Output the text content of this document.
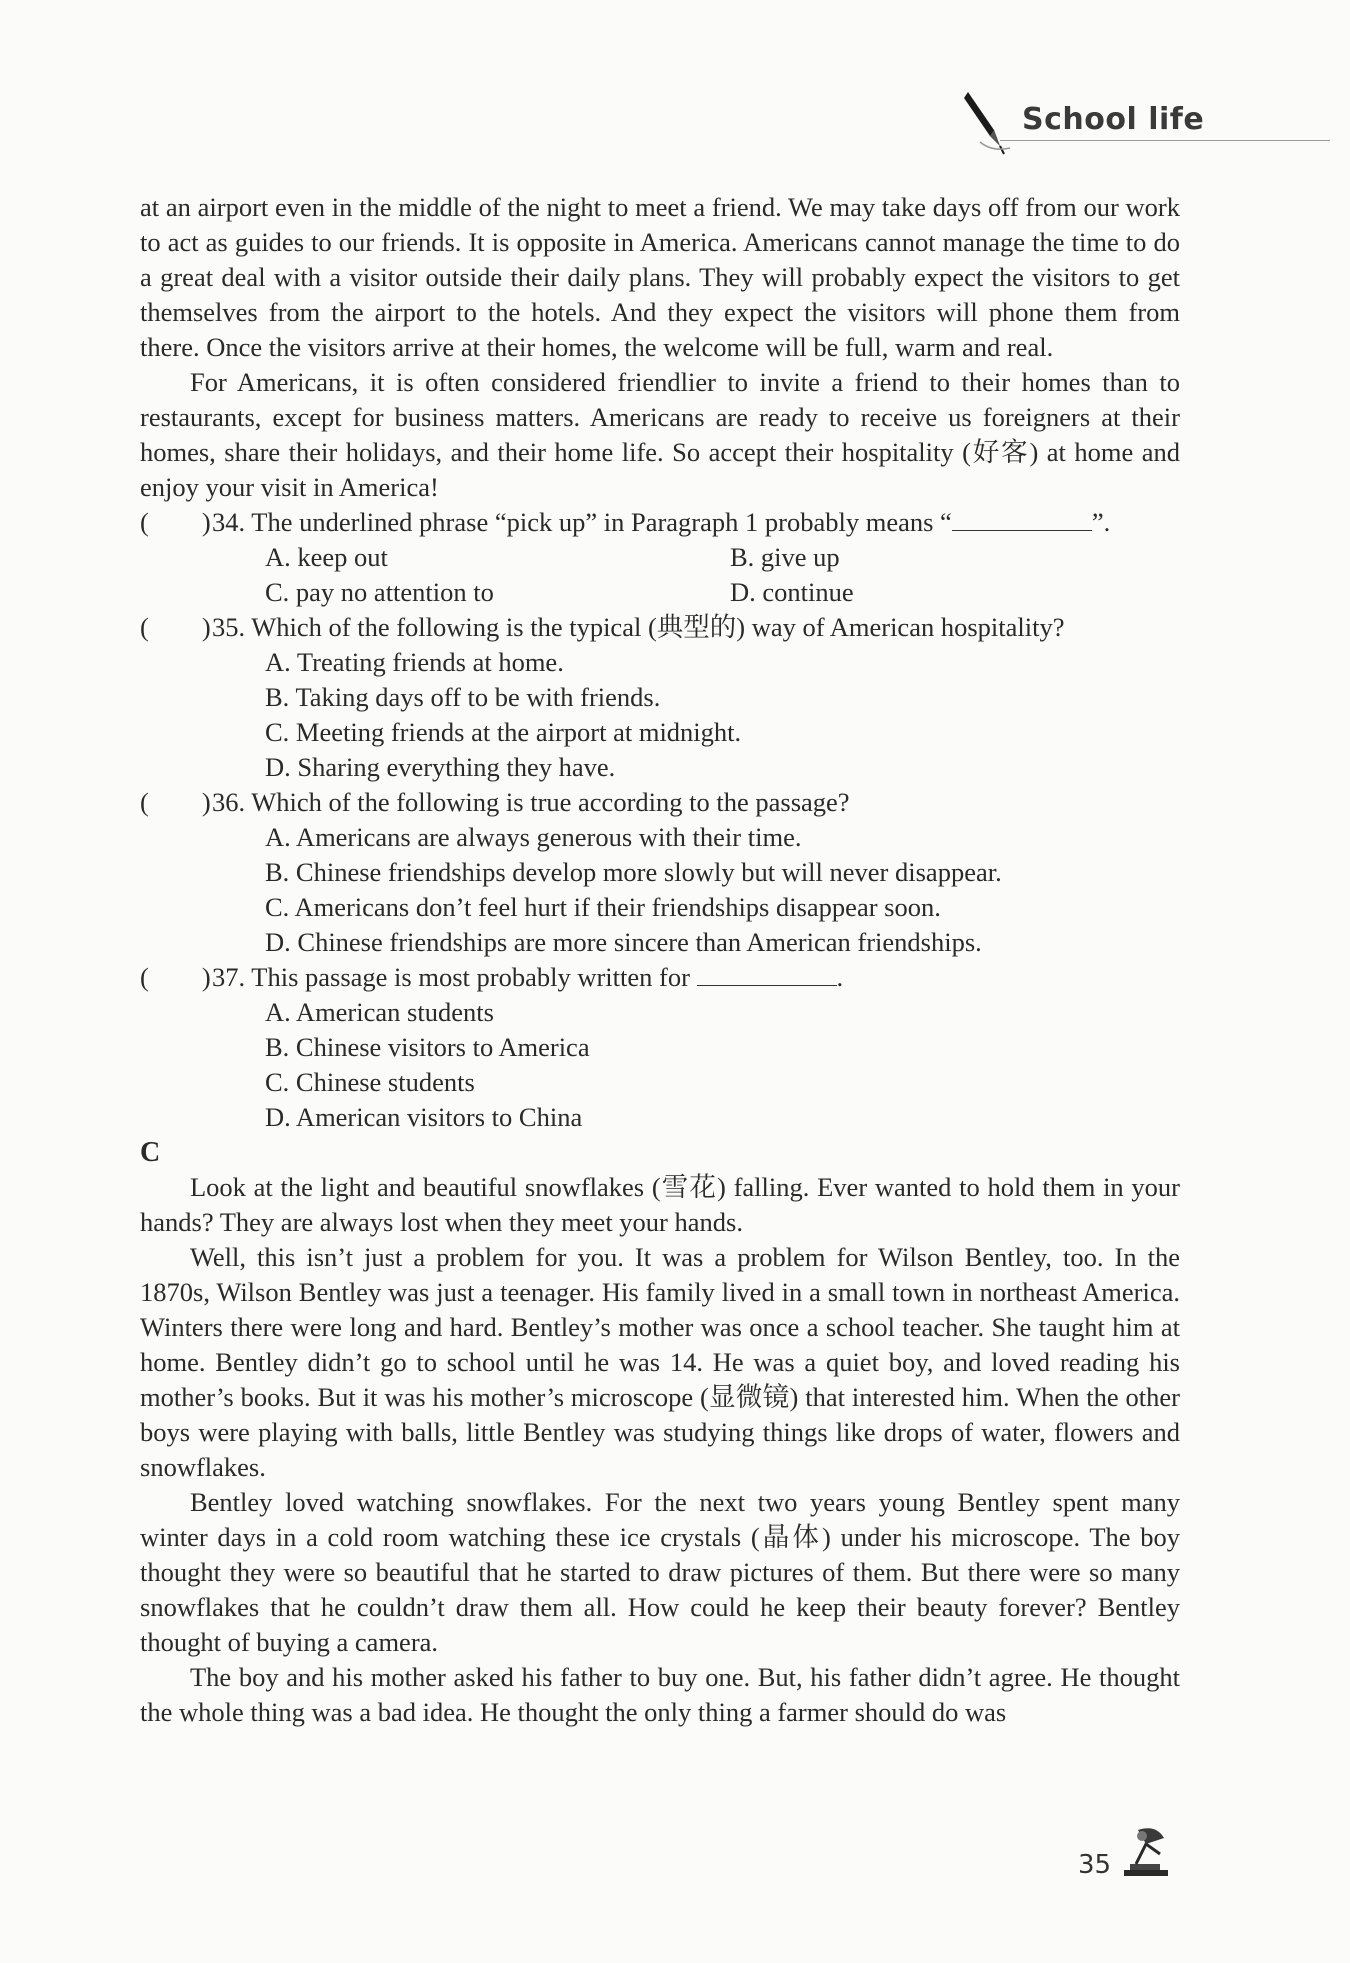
School life

at an airport even in the middle of the night to meet a friend. We may take days off from our work to act as guides to our friends. It is opposite in America. Americans cannot manage the time to do a great deal with a visitor outside their daily plans. They will probably expect the visitors to get themselves from the airport to the hotels. And they expect the visitors will phone them from there. Once the visitors arrive at their homes, the welcome will be full, warm and real.

For Americans, it is often considered friendlier to invite a friend to their homes than to restaurants, except for business matters. Americans are ready to receive us foreigners at their homes, share their holidays, and their home life. So accept their hospitality (好客) at home and enjoy your visit in America!

(        ) 34. The underlined phrase “pick up” in Paragraph 1 probably means “	”.
A. keep out	B. give up
C. pay no attention to	D. continue
(        ) 35. Which of the following is the typical (典型的) way of American hospitality?
A. Treating friends at home.
B. Taking days off to be with friends.
C. Meeting friends at the airport at midnight.
D. Sharing everything they have.
(        ) 36. Which of the following is true according to the passage?
A. Americans are always generous with their time.
B. Chinese friendships develop more slowly but will never disappear.
C. Americans don’t feel hurt if their friendships disappear soon.
D. Chinese friendships are more sincere than American friendships.
(        ) 37. This passage is most probably written for	.
A. American students
B. Chinese visitors to America
C. Chinese students
D. American visitors to China

C

Look at the light and beautiful snowflakes (雪花) falling. Ever wanted to hold them in your hands? They are always lost when they meet your hands.

Well, this isn’t just a problem for you. It was a problem for Wilson Bentley, too. In the 1870s, Wilson Bentley was just a teenager. His family lived in a small town in northeast America. Winters there were long and hard. Bentley’s mother was once a school teacher. She taught him at home. Bentley didn’t go to school until he was 14. He was a quiet boy, and loved reading his mother’s books. But it was his mother’s microscope (显微镜) that interested him. When the other boys were playing with balls, little Bentley was studying things like drops of water, flowers and snowflakes.

Bentley loved watching snowflakes. For the next two years young Bentley spent many winter days in a cold room watching these ice crystals (晶体) under his microscope. The boy thought they were so beautiful that he started to draw pictures of them. But there were so many snowflakes that he couldn’t draw them all. How could he keep their beauty forever? Bentley thought of buying a camera.

The boy and his mother asked his father to buy one. But, his father didn’t agree. He thought the whole thing was a bad idea. He thought the only thing a farmer should do was

35
